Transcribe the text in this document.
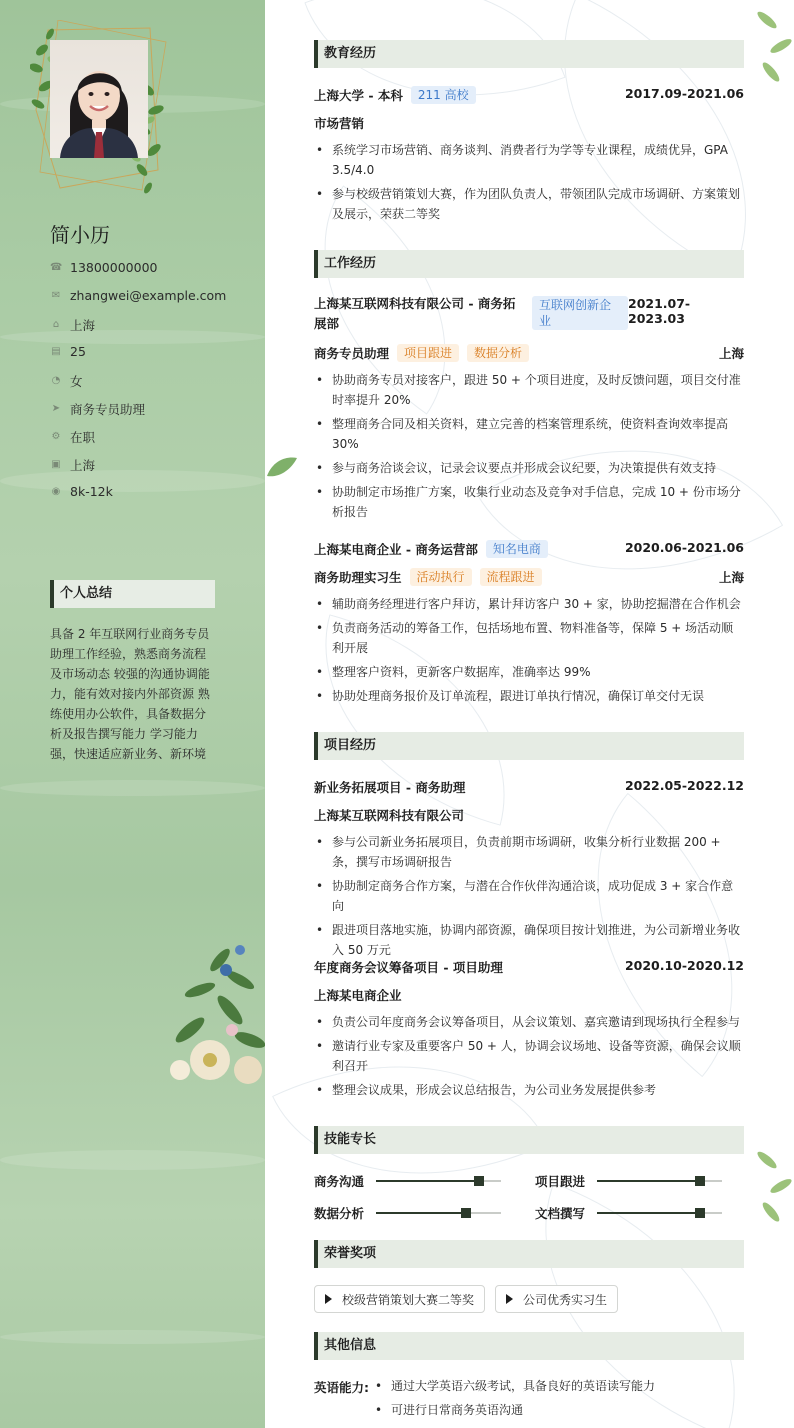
简小历
☎ 13800000000
✉ zhangwei@example.com
⌂ 上海
▤ 25
◔ 女
➤ 商务专员助理
⚙ 在职
▣ 上海
◉ 8k-12k
个人总结
具备 2 年互联网行业商务专员助理工作经验，熟悉商务流程及市场动态 较强的沟通协调能力，能有效对接内外部资源 熟练使用办公软件，具备数据分析及报告撰写能力 学习能力强，快速适应新业务、新环境
教育经历
上海大学 - 本科	211 高校	2017.09-2021.06
市场营销
• 系统学习市场营销、商务谈判、消费者行为学等专业课程，成绩优异，GPA 3.5/4.0
• 参与校级营销策划大赛，作为团队负责人，带领团队完成市场调研、方案策划及展示，荣获二等奖
工作经历
上海某互联网科技有限公司 - 商务拓展部
互联网创新企业
2021.07-2023.03
商务专员助理	项目跟进	数据分析	上海
• 协助商务专员对接客户，跟进 50 + 个项目进度，及时反馈问题，项目交付准时率提升 20%
• 整理商务合同及相关资料，建立完善的档案管理系统，使资料查询效率提高 30%
• 参与商务洽谈会议，记录会议要点并形成会议纪要，为决策提供有效支持
• 协助制定市场推广方案，收集行业动态及竞争对手信息，完成 10 + 份市场分析报告
上海某电商企业 - 商务运营部	知名电商	2020.06-2021.06
商务助理实习生	活动执行	流程跟进	上海
• 辅助商务经理进行客户拜访，累计拜访客户 30 + 家，协助挖掘潜在合作机会
• 负责商务活动的筹备工作，包括场地布置、物料准备等，保障 5 + 场活动顺利开展
• 整理客户资料，更新客户数据库，准确率达 99%
• 协助处理商务报价及订单流程，跟进订单执行情况，确保订单交付无误
项目经历
新业务拓展项目 - 商务助理	2022.05-2022.12
上海某互联网科技有限公司
• 参与公司新业务拓展项目，负责前期市场调研，收集分析行业数据 200 + 条，撰写市场调研报告
• 协助制定商务合作方案，与潜在合作伙伴沟通洽谈，成功促成 3 + 家合作意向
• 跟进项目落地实施，协调内部资源，确保项目按计划推进，为公司新增业务收入 50 万元
年度商务会议筹备项目 - 项目助理	2020.10-2020.12
上海某电商企业
• 负责公司年度商务会议筹备项目，从会议策划、嘉宾邀请到现场执行全程参与
• 邀请行业专家及重要客户 50 + 人，协调会议场地、设备等资源，确保会议顺利召开
• 整理会议成果，形成会议总结报告，为公司业务发展提供参考
技能专长
商务沟通	项目跟进
数据分析	文档撰写
荣誉奖项
校级营销策划大赛二等奖	公司优秀实习生
其他信息
英语能力:
•	通过大学英语六级考试，具备良好的英语读写能力
• 可进行日常商务英语沟通
